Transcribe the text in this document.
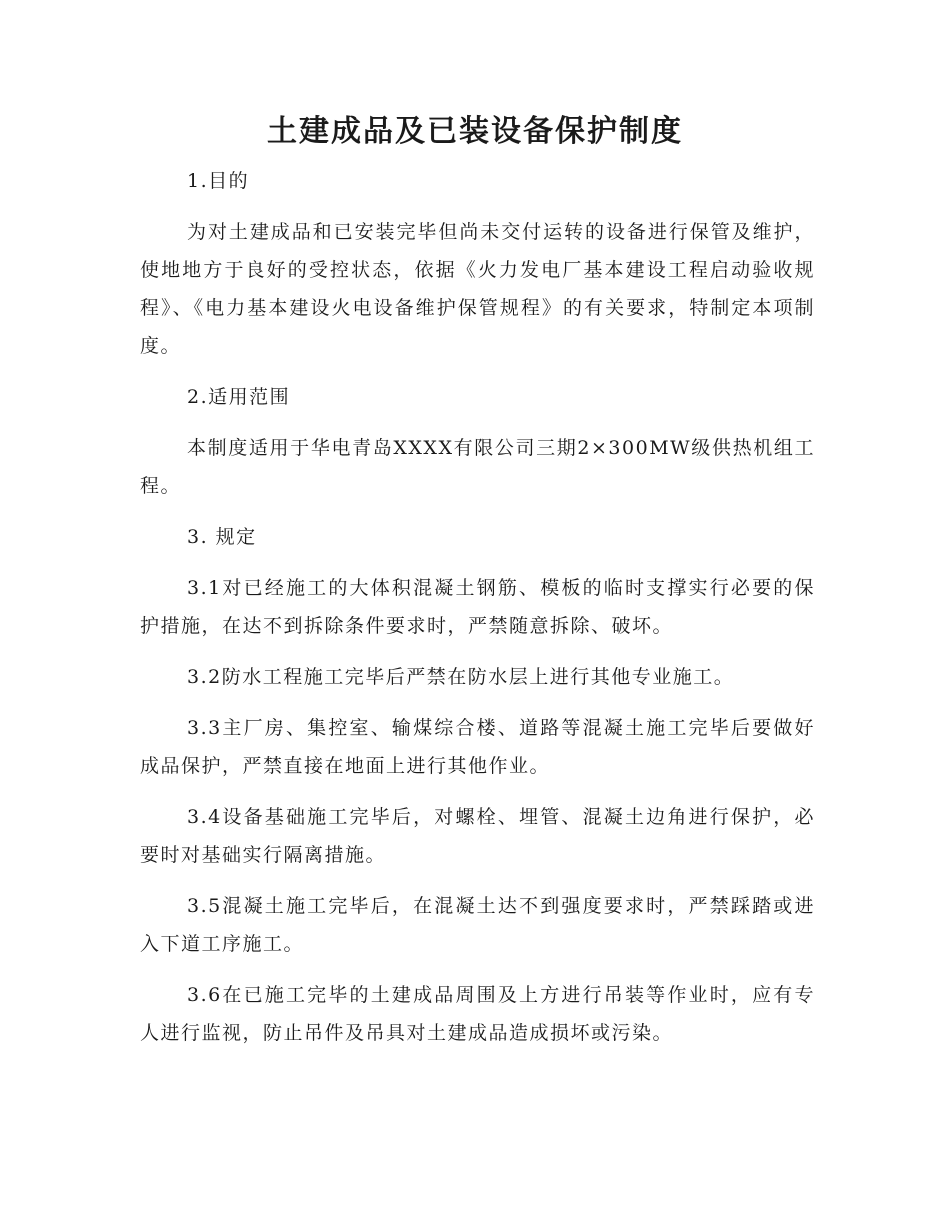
土建成品及已装设备保护制度

1.目的

为对土建成品和已安装完毕但尚未交付运转的设备进行保管及维护，使地地方于良好的受控状态，依据《火力发电厂基本建设工程启动验收规程》、《电力基本建设火电设备维护保管规程》的有关要求，特制定本项制度。

2.适用范围

本制度适用于华电青岛XXXX有限公司三期2×300MW级供热机组工程。

3. 规定

3.1对已经施工的大体积混凝土钢筋、模板的临时支撑实行必要的保护措施，在达不到拆除条件要求时，严禁随意拆除、破坏。

3.2防水工程施工完毕后严禁在防水层上进行其他专业施工。

3.3主厂房、集控室、输煤综合楼、道路等混凝土施工完毕后要做好成品保护，严禁直接在地面上进行其他作业。

3.4设备基础施工完毕后，对螺栓、埋管、混凝土边角进行保护，必要时对基础实行隔离措施。

3.5混凝土施工完毕后，在混凝土达不到强度要求时，严禁踩踏或进入下道工序施工。

3.6在已施工完毕的土建成品周围及上方进行吊装等作业时，应有专人进行监视，防止吊件及吊具对土建成品造成损坏或污染。
